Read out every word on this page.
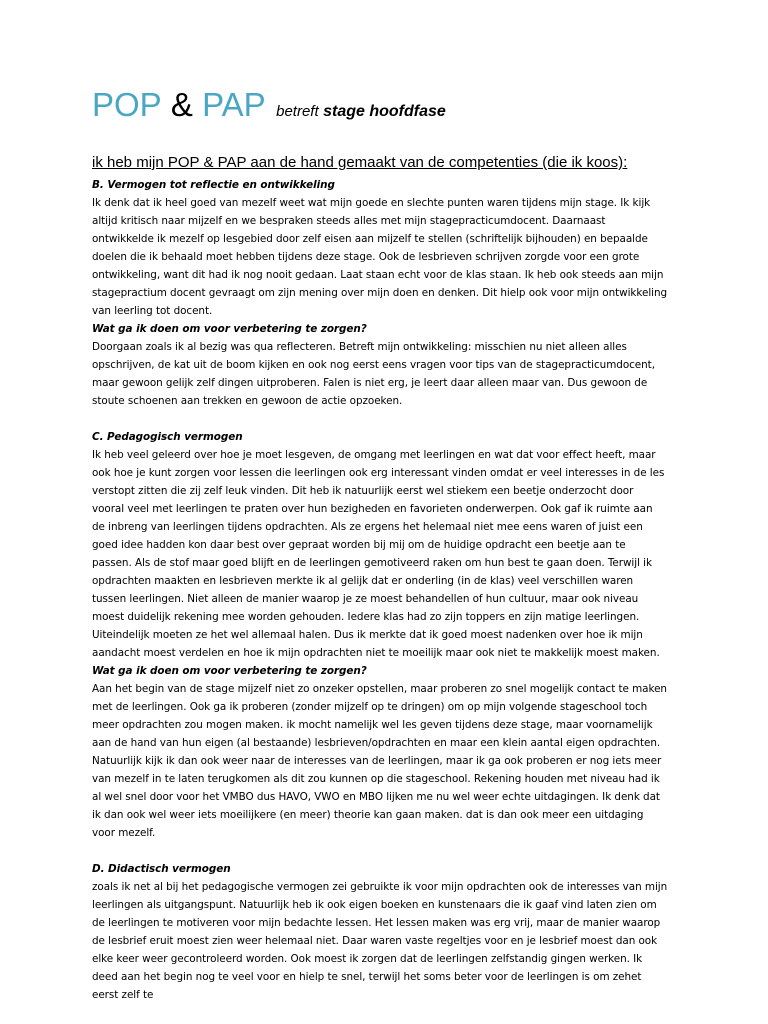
POP & PAP betreft stage hoofdfase
ik heb mijn POP & PAP aan de hand gemaakt van de competenties (die ik koos):

B. Vermogen tot reflectie en ontwikkeling

Ik denk dat ik heel goed van mezelf weet wat mijn goede en slechte punten waren tijdens mijn stage. Ik kijk altijd kritisch naar mijzelf en we bespraken steeds alles met mijn stagepracticumdocent. Daarnaast ontwikkelde ik mezelf op lesgebied door zelf eisen aan mijzelf te stellen (schriftelijk bijhouden) en bepaalde doelen die ik behaald moet hebben tijdens deze stage. Ook de lesbrieven schrijven zorgde voor een grote ontwikkeling, want dit had ik nog nooit gedaan. Laat staan echt voor de klas staan. Ik heb ook steeds aan mijn stagepractium docent gevraagt om zijn mening over mijn doen en denken. Dit hielp ook voor mijn ontwikkeling van leerling tot docent.

Wat ga ik doen om voor verbetering te zorgen?

Doorgaan zoals ik al bezig was qua reflecteren. Betreft mijn ontwikkeling: misschien nu niet alleen alles opschrijven, de kat uit de boom kijken en ook nog eerst eens vragen voor tips van de stagepracticumdocent, maar gewoon gelijk zelf dingen uitproberen. Falen is niet erg, je leert daar alleen maar van. Dus gewoon de stoute schoenen aan trekken en gewoon de actie opzoeken.

C. Pedagogisch vermogen

Ik heb veel geleerd over hoe je moet lesgeven, de omgang met leerlingen en wat dat voor effect heeft, maar ook hoe je kunt zorgen voor lessen die leerlingen ook erg interessant vinden omdat er veel interesses in de les verstopt zitten die zij zelf leuk vinden. Dit heb ik natuurlijk eerst wel stiekem een beetje onderzocht door vooral veel met leerlingen te praten over hun bezigheden en favorieten onderwerpen. Ook gaf ik ruimte aan de inbreng van leerlingen tijdens opdrachten. Als ze ergens het helemaal niet mee eens waren of juist een goed idee hadden kon daar best over gepraat worden bij mij om de huidige opdracht een beetje aan te passen. Als de stof maar goed blijft en de leerlingen gemotiveerd raken om hun best te gaan doen. Terwijl ik opdrachten maakten en lesbrieven merkte ik al gelijk dat er onderling (in de klas) veel verschillen waren tussen leerlingen. Niet alleen de manier waarop je ze moest behandellen of hun cultuur, maar ook niveau moest duidelijk rekening mee worden gehouden. Iedere klas had zo zijn toppers en zijn matige leerlingen. Uiteindelijk moeten ze het wel allemaal halen. Dus ik merkte dat ik goed moest nadenken over hoe ik mijn aandacht moest verdelen en hoe ik mijn opdrachten niet te moeilijk maar ook niet te makkelijk moest maken.

Wat ga ik doen om voor verbetering te zorgen?

Aan het begin van de stage mijzelf niet zo onzeker opstellen, maar proberen zo snel mogelijk contact te maken met de leerlingen. Ook ga ik proberen (zonder mijzelf op te dringen) om op mijn volgende stageschool toch meer opdrachten zou mogen maken. ik mocht namelijk wel les geven tijdens deze stage, maar voornamelijk aan de hand van hun eigen (al bestaande) lesbrieven/opdrachten en maar een klein aantal eigen opdrachten. Natuurlijk kijk ik dan ook weer naar de interesses van de leerlingen, maar ik ga ook proberen er nog iets meer van mezelf in te laten terugkomen als dit zou kunnen op die stageschool. Rekening houden met niveau had ik al wel snel door voor het VMBO dus HAVO, VWO en MBO lijken me nu wel weer echte uitdagingen. Ik denk dat ik dan ook wel weer iets moeilijkere (en meer) theorie kan gaan maken. dat is dan ook meer een uitdaging voor mezelf.

D. Didactisch vermogen

zoals ik net al bij het pedagogische vermogen zei gebruikte ik voor mijn opdrachten ook de interesses van mijn leerlingen als uitgangspunt. Natuurlijk heb ik ook eigen boeken en kunstenaars die ik gaaf vind laten zien om de leerlingen te motiveren voor mijn bedachte lessen. Het lessen maken was erg vrij, maar de manier waarop de lesbrief eruit moest zien weer helemaal niet. Daar waren vaste regeltjes voor en je lesbrief moest dan ook elke keer weer gecontroleerd worden. Ook moest ik zorgen dat de leerlingen zelfstandig gingen werken. Ik deed aan het begin nog te veel voor en hielp te snel, terwijl het soms beter voor de leerlingen is om zehet eerst zelf te
